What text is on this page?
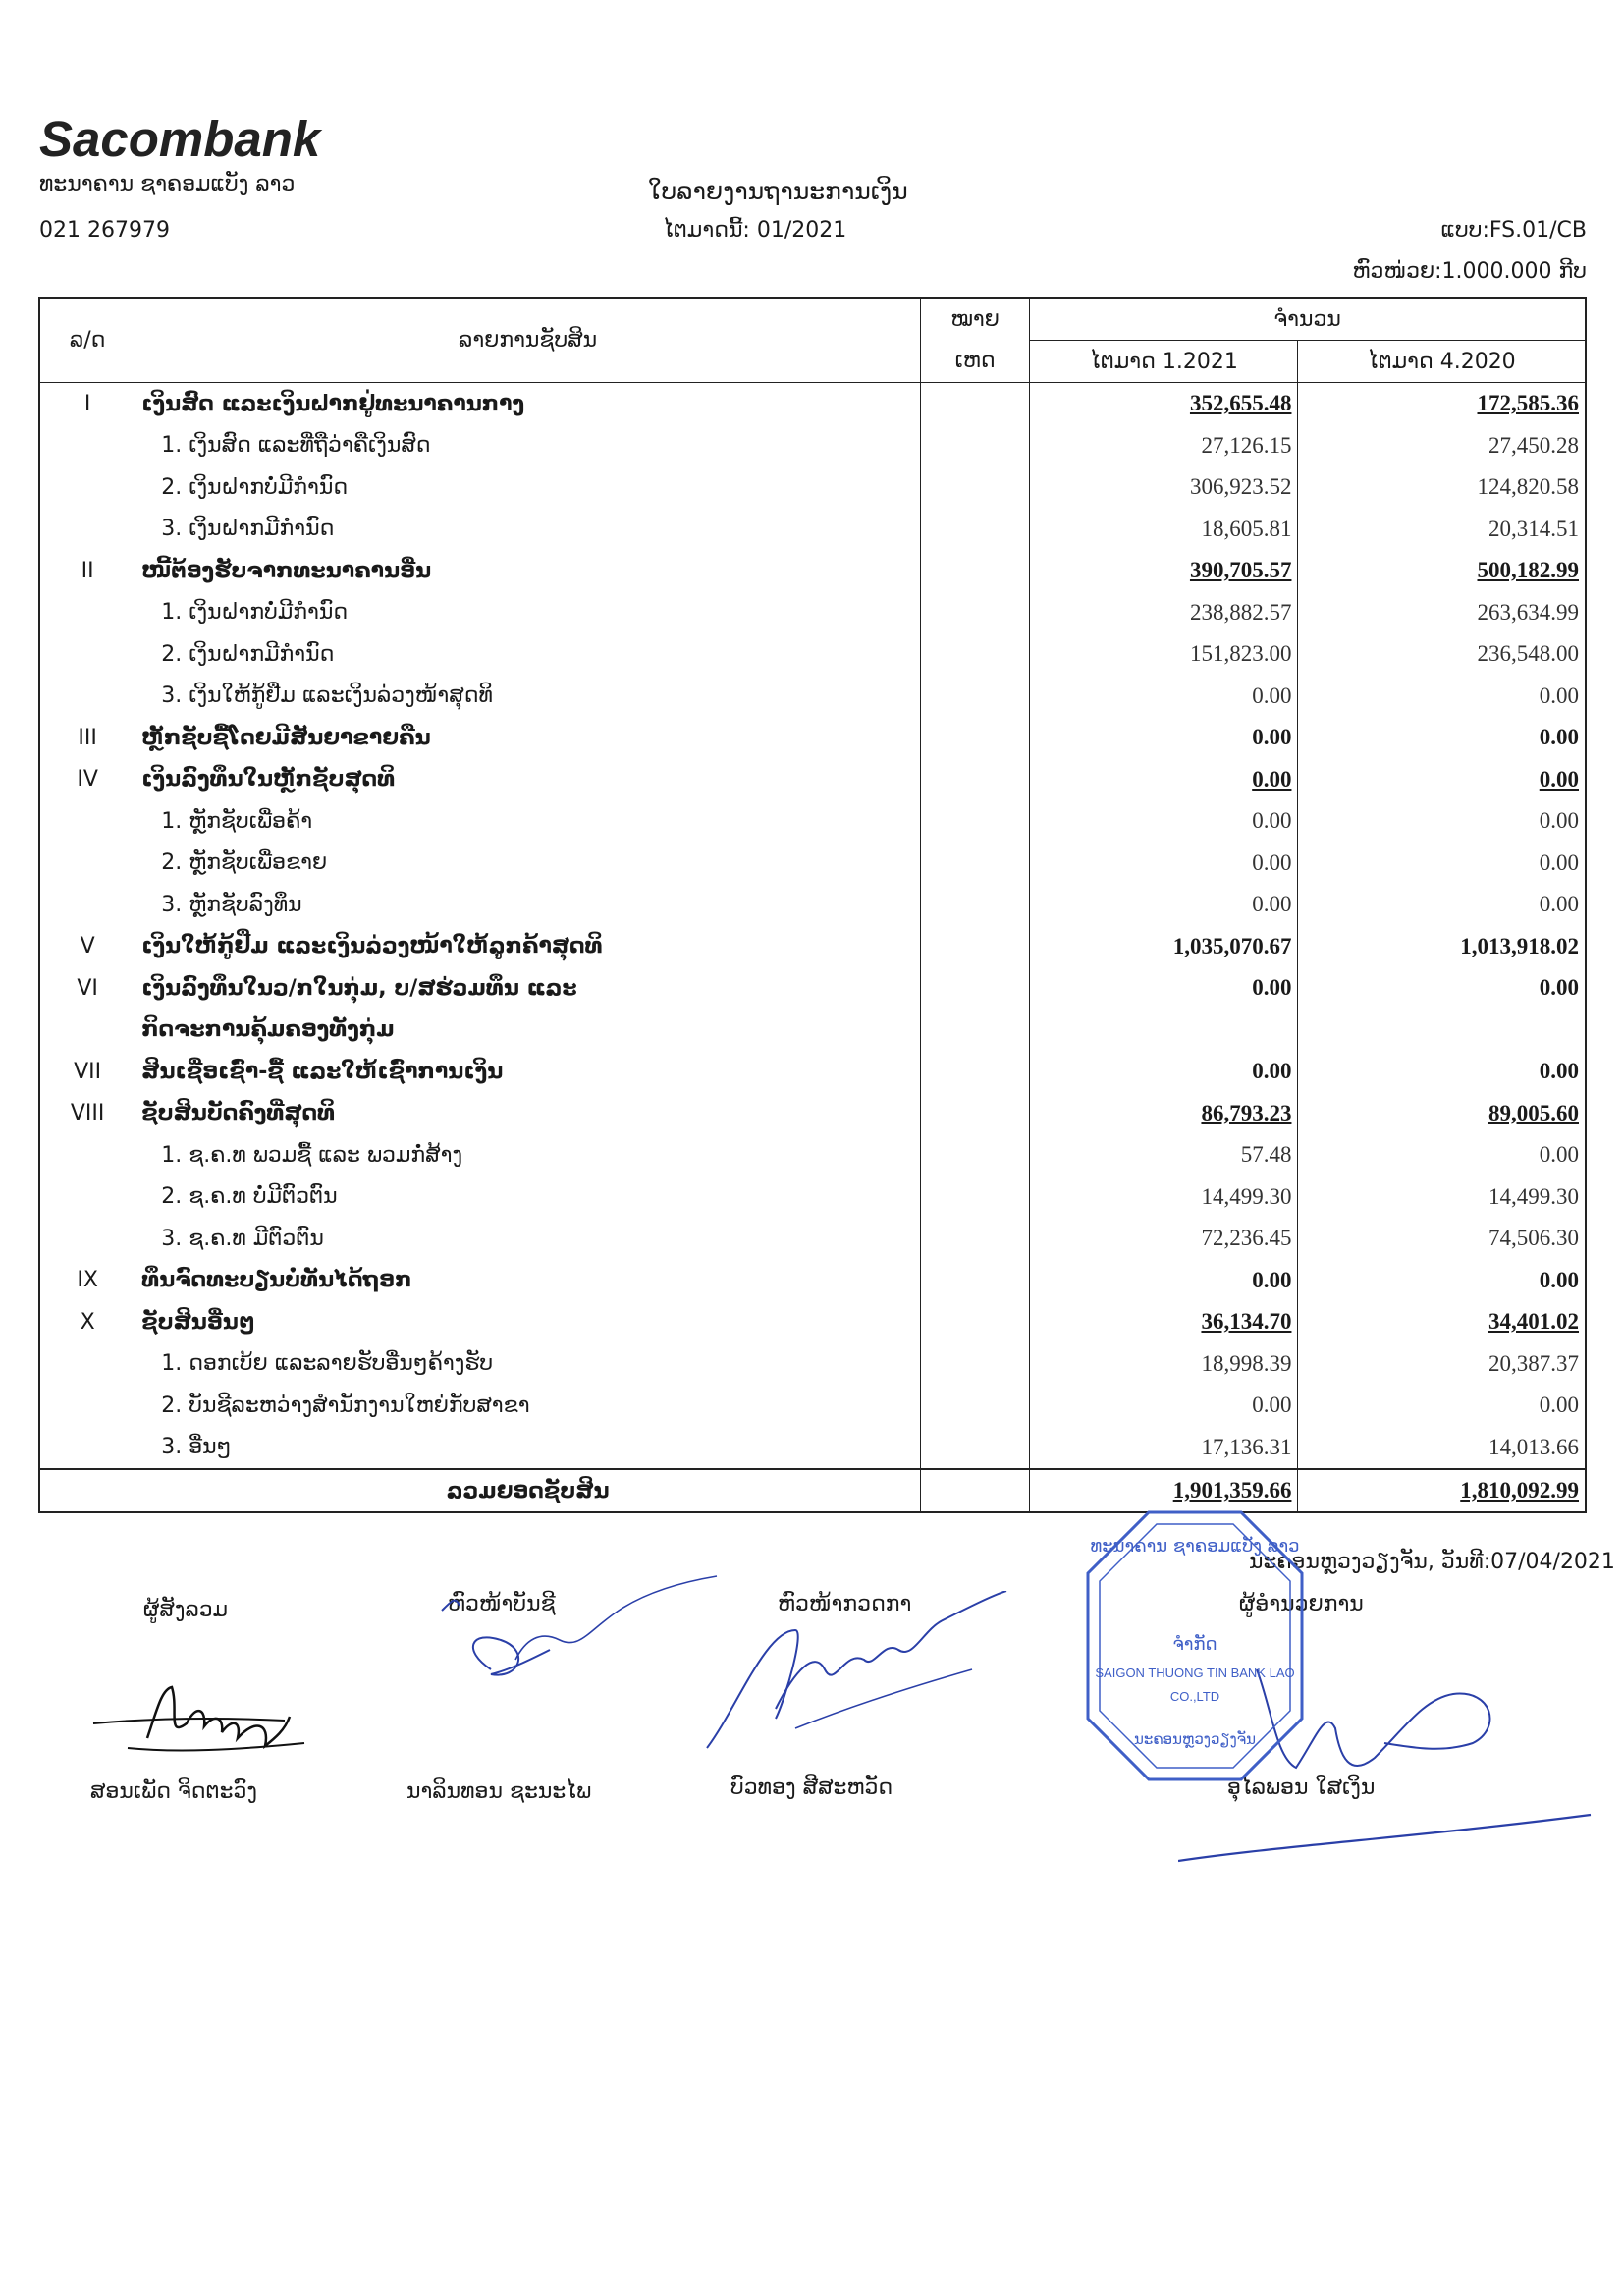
Sacombank
ທະນາຄານ ຊາຄອມແບັງ ລາວ
021 267979
ໃບລາຍງານຖານະການເງິນ
ໄຕມາດນີ້: 01/2021	ແບບ:FS.01/CB
ຫົວໜ່ວຍ:1.000.000 ກີບ
ລ/ດ	ລາຍການຊັບສິນ	ໝາຍ	ຈຳນວນ	
		ເຫດ	ໄຕມາດ 1.2021	ໄຕມາດ 4.2020
I	ເງິນສົດ ແລະເງິນຝາກຢູ່ທະນາຄານກາງ		352,655.48	172,585.36
	1. ເງິນສົດ ແລະທີ່ຖືວ່າຄືເງິນສົດ		27,126.15	27,450.28
	2. ເງິນຝາກບໍ່ມີກຳນົດ		306,923.52	124,820.58
	3. ເງິນຝາກມີກຳນົດ		18,605.81	20,314.51
II	ໜີ້ຕ້ອງຮັບຈາກທະນາຄານອື່ນ		390,705.57	500,182.99
	1. ເງິນຝາກບໍ່ມີກຳນົດ		238,882.57	263,634.99
	2. ເງິນຝາກມີກຳນົດ		151,823.00	236,548.00
	3. ເງິນໃຫ້ກູ້ຢືມ ແລະເງິນລ່ວງໜ້າສຸດທິ		0.00	0.00
III	ຫຼັກຊັບຊື້ໂດຍມີສັນຍາຂາຍຄືນ		0.00	0.00
IV	ເງິນລົງທຶນໃນຫຼັກຊັບສຸດທິ		0.00	0.00
	1. ຫຼັກຊັບເພື່ອຄ້າ		0.00	0.00
	2. ຫຼັກຊັບເພື່ອຂາຍ		0.00	0.00
	3. ຫຼັກຊັບລົງທຶນ		0.00	0.00
V	ເງິນໃຫ້ກູ້ຢືມ ແລະເງິນລ່ວງໜ້າໃຫ້ລູກຄ້າສຸດທິ		1,035,070.67	1,013,918.02
VI	ເງິນລົງທຶນໃນວ/ກໃນກຸ່ມ, ບ/ສຮ່ວມທຶນ ແລະ		0.00	0.00
	ກິດຈະການຄຸ້ມຄອງທັງກຸ່ມ			
VII	ສິນເຊື່ອເຊົ່າ-ຊື້ ແລະໃຫ້ເຊົ່າການເງິນ		0.00	0.00
VIII	ຊັບສິນບັດຄົງທີ່ສຸດທິ		86,793.23	89,005.60
	1. ຊ.ຄ.ທ ພວມຊື້ ແລະ ພວມກໍ່ສ້າງ		57.48	0.00
	2. ຊ.ຄ.ທ ບໍ່ມີຕົວຕົນ		14,499.30	14,499.30
	3. ຊ.ຄ.ທ ມີຕົວຕົນ		72,236.45	74,506.30
IX	ທຶນຈົດທະບຽນບໍ່ທັນໄດ້ຖອກ		0.00	0.00
X	ຊັບສິນອື່ນໆ		36,134.70	34,401.02
	1. ດອກເບ້ຍ ແລະລາຍຮັບອື່ນໆຄ້າງຮັບ		18,998.39	20,387.37
	2. ບັນຊີລະຫວ່າງສຳນັກງານໃຫຍ່ກັບສາຂາ		0.00	0.00
	3. ອື່ນໆ		17,136.31	14,013.66
	ລວມຍອດຊັບສິນ		1,901,359.66	1,810,092.99
ນະຄອນຫຼວງວຽງຈັນ, ວັນທີ:07/04/2021
ຜູ້ສັງລວມ	ຫົວໜ້າບັນຊີ	ຫົວໜ້າກວດກາ	ຜູ້ອຳນວຍການ
ສອນເພັດ ຈິດຕະວົງ	ນາລິນທອນ ຊະນະໄພ	ບົວທອງ ສີສະຫວັດ	ອຸໄລພອນ ໃສເງິນ
ທະນາຄານ ຊາຄອມແບັງ ລາວ
ຈຳກັດ
SAIGON THUONG TIN BANK LAO
CO.,LTD
ນະຄອນຫຼວງວຽງຈັນ
